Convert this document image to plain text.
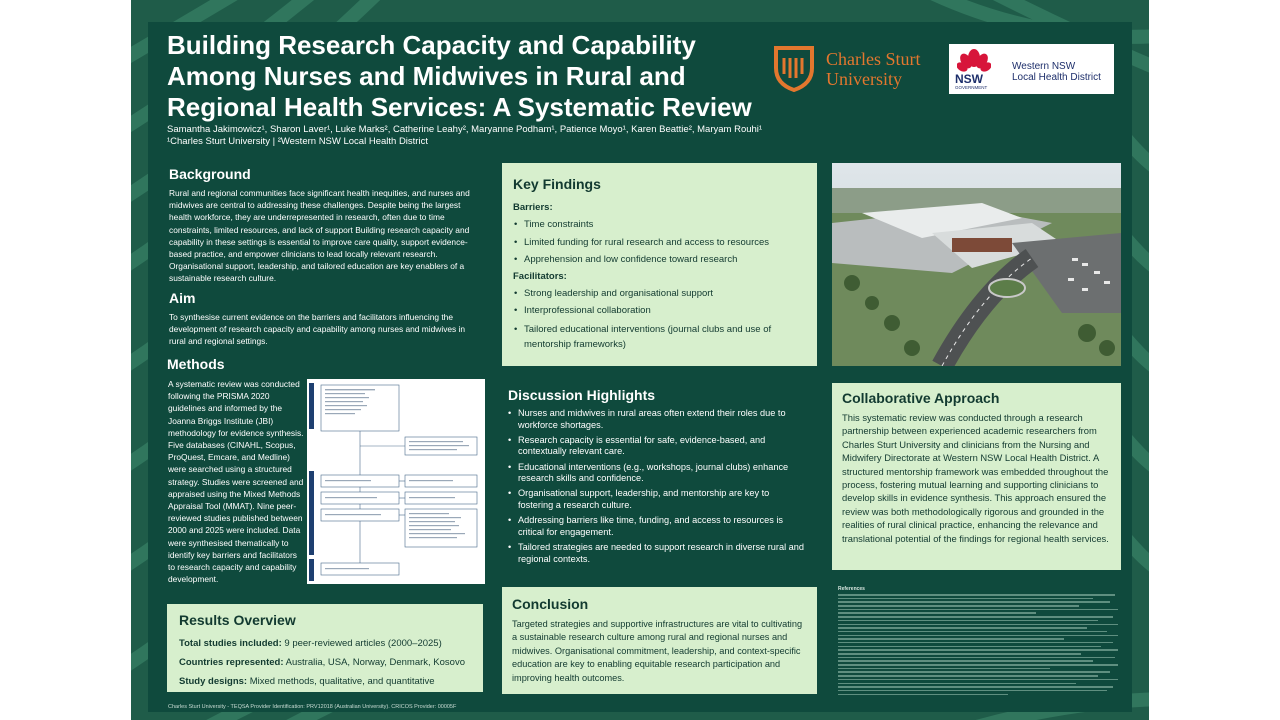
Building Research Capacity and Capability Among Nurses and Midwives in Rural and Regional Health Services: A Systematic Review
Samantha Jakimowicz¹, Sharon Laver¹, Luke Marks², Catherine Leahy², Maryanne Podham¹, Patience Moyo¹, Karen Beattie², Maryam Rouhi¹
¹Charles Sturt University | ²Western NSW Local Health District
Charles Sturt
University	NSW
GOVERNMENT
Western NSW
Local Health District
Background

Rural and regional communities face significant health inequities, and nurses and midwives are central to addressing these challenges. Despite being the largest health workforce, they are underrepresented in research, often due to time constraints, limited resources, and lack of support Building research capacity and capability in these settings is essential to improve care quality, support evidence-based practice, and empower clinicians to lead locally relevant research. Organisational support, leadership, and tailored education are key enablers of a sustainable research culture.

Aim

To synthesise current evidence on the barriers and facilitators influencing the development of research capacity and capability among nurses and midwives in rural and regional settings.

Methods

A systematic review was conducted following the PRISMA 2020 guidelines and informed by the Joanna Briggs Institute (JBI) methodology for evidence synthesis. Five databases (CINAHL, Scopus, ProQuest, Emcare, and Medline) were searched using a structured strategy. Studies were screened and appraised using the Mixed Methods Appraisal Tool (MMAT). Nine peer-reviewed studies published between 2000 and 2025 were included. Data were synthesised thematically to identify key barriers and facilitators to research capacity and capability development.

Results Overview
Total studies included: 9 peer-reviewed articles (2000–2025)
Countries represented: Australia, USA, Norway, Denmark, Kosovo
Study designs: Mixed methods, qualitative, and quantitative
Key Findings
Barriers:
• Time constraints
• Limited funding for rural research and access to resources
• Apprehension and low confidence toward research
Facilitators:
• Strong leadership and organisational support
• Interprofessional collaboration
• Tailored educational interventions (journal clubs and use of mentorship frameworks)
Discussion Highlights
• Nurses and midwives in rural areas often extend their roles due to workforce shortages.
• Research capacity is essential for safe, evidence-based, and contextually relevant care.
• Educational interventions (e.g., workshops, journal clubs) enhance research skills and confidence.
• Organisational support, leadership, and mentorship are key to fostering a research culture.
• Addressing barriers like time, funding, and access to resources is critical for engagement.
• Tailored strategies are needed to support research in diverse rural and regional contexts.
Conclusion

Targeted strategies and supportive infrastructures are vital to cultivating a sustainable research culture among rural and regional nurses and midwives. Organisational commitment, leadership, and context-specific education are key to enabling equitable research participation and improving health outcomes.

Collaborative Approach

This systematic review was conducted through a research partnership between experienced academic researchers from Charles Sturt University and clinicians from the Nursing and Midwifery Directorate at Western NSW Local Health District. A structured mentorship framework was embedded throughout the process, fostering mutual learning and supporting clinicians to develop skills in evidence synthesis. This approach ensured the review was both methodologically rigorous and grounded in the realities of rural clinical practice, enhancing the relevance and translational potential of the findings for regional health services.

References
Charles Sturt University - TEQSA Provider Identification: PRV12018 (Australian University). CRICOS Provider: 00005F
